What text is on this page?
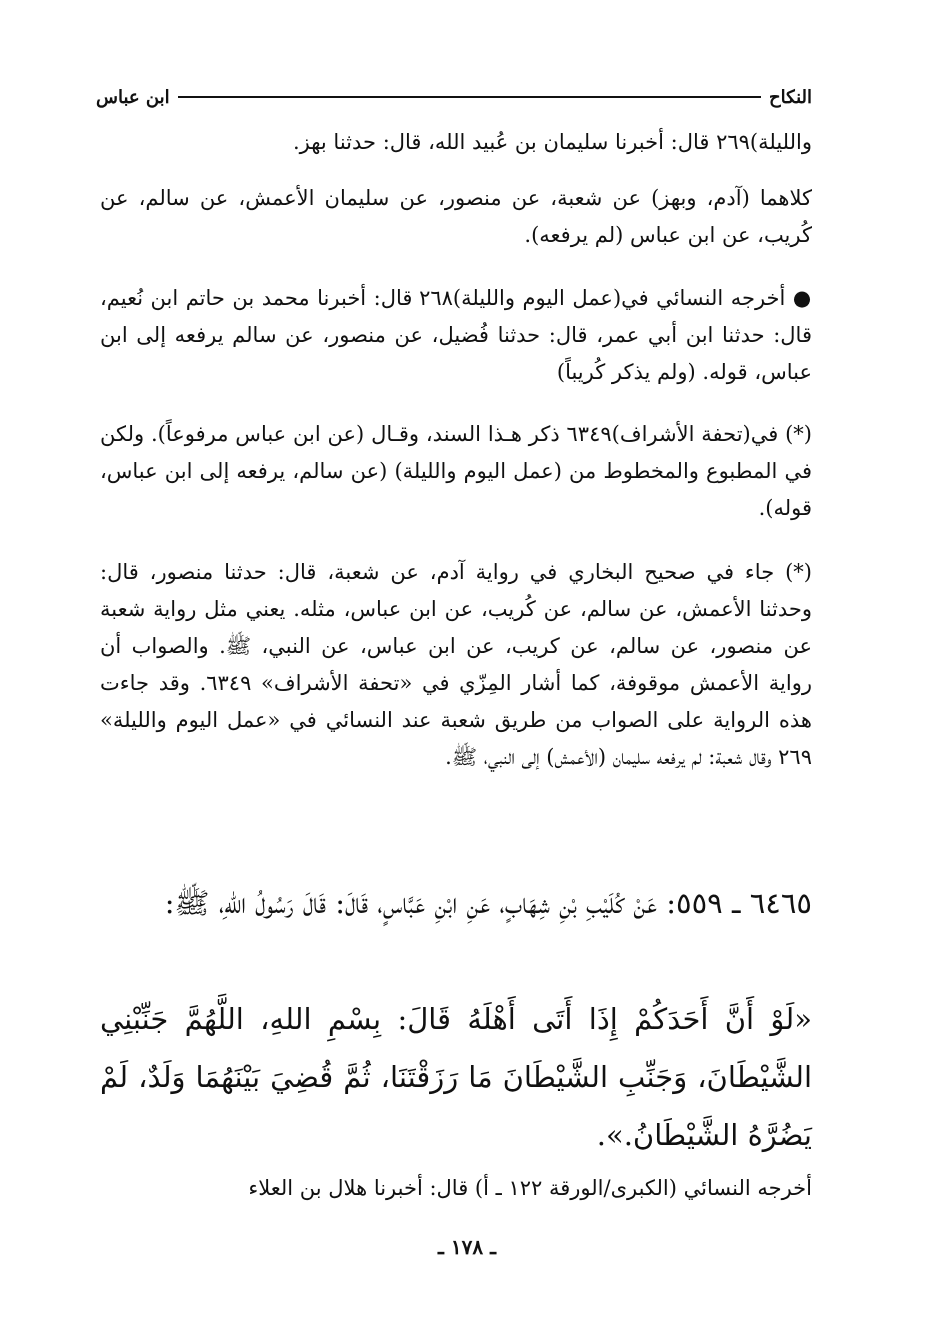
النكاح
ابن عباس
والليلة)٢٦٩ قال: أخبرنا سليمان بن عُبيد الله، قال: حدثنا بهز.
كلاهما (آدم، وبهز) عن شعبة، عن منصور، عن سليمان الأعمش، عن سالم، عن كُريب، عن ابن عباس (لم يرفعه).
● أخرجه النسائي في(عمل اليوم والليلة)٢٦٨ قال: أخبرنا محمد بن حاتم ابن نُعيم، قال: حدثنا ابن أبي عمر، قال: حدثنا فُضيل، عن منصور، عن سالم يرفعه إلى ابن عباس، قوله. (ولم يذكر كُريباً)
(*) في(تحفة الأشراف)٦٣٤٩ ذكر هـذا السند، وقـال (عن ابن عباس مرفوعاً). ولكن في المطبوع والمخطوط من (عمل اليوم والليلة) (عن سالم، يرفعه إلى ابن عباس، قوله).
(*) جاء في صحيح البخاري في رواية آدم، عن شعبة، قال: حدثنا منصور، قال: وحدثنا الأعمش، عن سالم، عن كُريب، عن ابن عباس، مثله. يعني مثل رواية شعبة عن منصور، عن سالم، عن كريب، عن ابن عباس، عن النبي، ﷺ. والصواب أن رواية الأعمش موقوفة، كما أشار المِزّي في «تحفة الأشراف» ٦٣٤٩. وقد جاءت هذه الرواية على الصواب من طريق شعبة عند النسائي في «عمل اليوم والليلة» ٢٦٩ وقال شعبة: لم يرفعه سليمان (الأعمش) إلى النبي، ﷺ.
٦٤٦٥ ـ ٥٥٩: عَنْ كُلَيْبِ بْنِ شِهَابٍ، عَنِ ابْنِ عَبَّاسٍ، قَالَ: قَالَ رَسُولُ اللهِ، ﷺ:
«لَوْ أَنَّ أَحَدَكُمْ إِذَا أَتَى أَهْلَهُ قَالَ: بِسْمِ اللهِ، اللَّهُمَّ جَنِّبْنِي الشَّيْطَانَ، وَجَنِّبِ الشَّيْطَانَ مَا رَزَقْتَنَا، ثُمَّ قُضِيَ بَيْنَهُمَا وَلَدٌ، لَمْ يَضُرَّهُ الشَّيْطَانُ.».
أخرجه النسائي (الكبرى/الورقة ١٢٢ ـ أ) قال: أخبرنا هلال بن العلاء
ـ ١٧٨ ـ
